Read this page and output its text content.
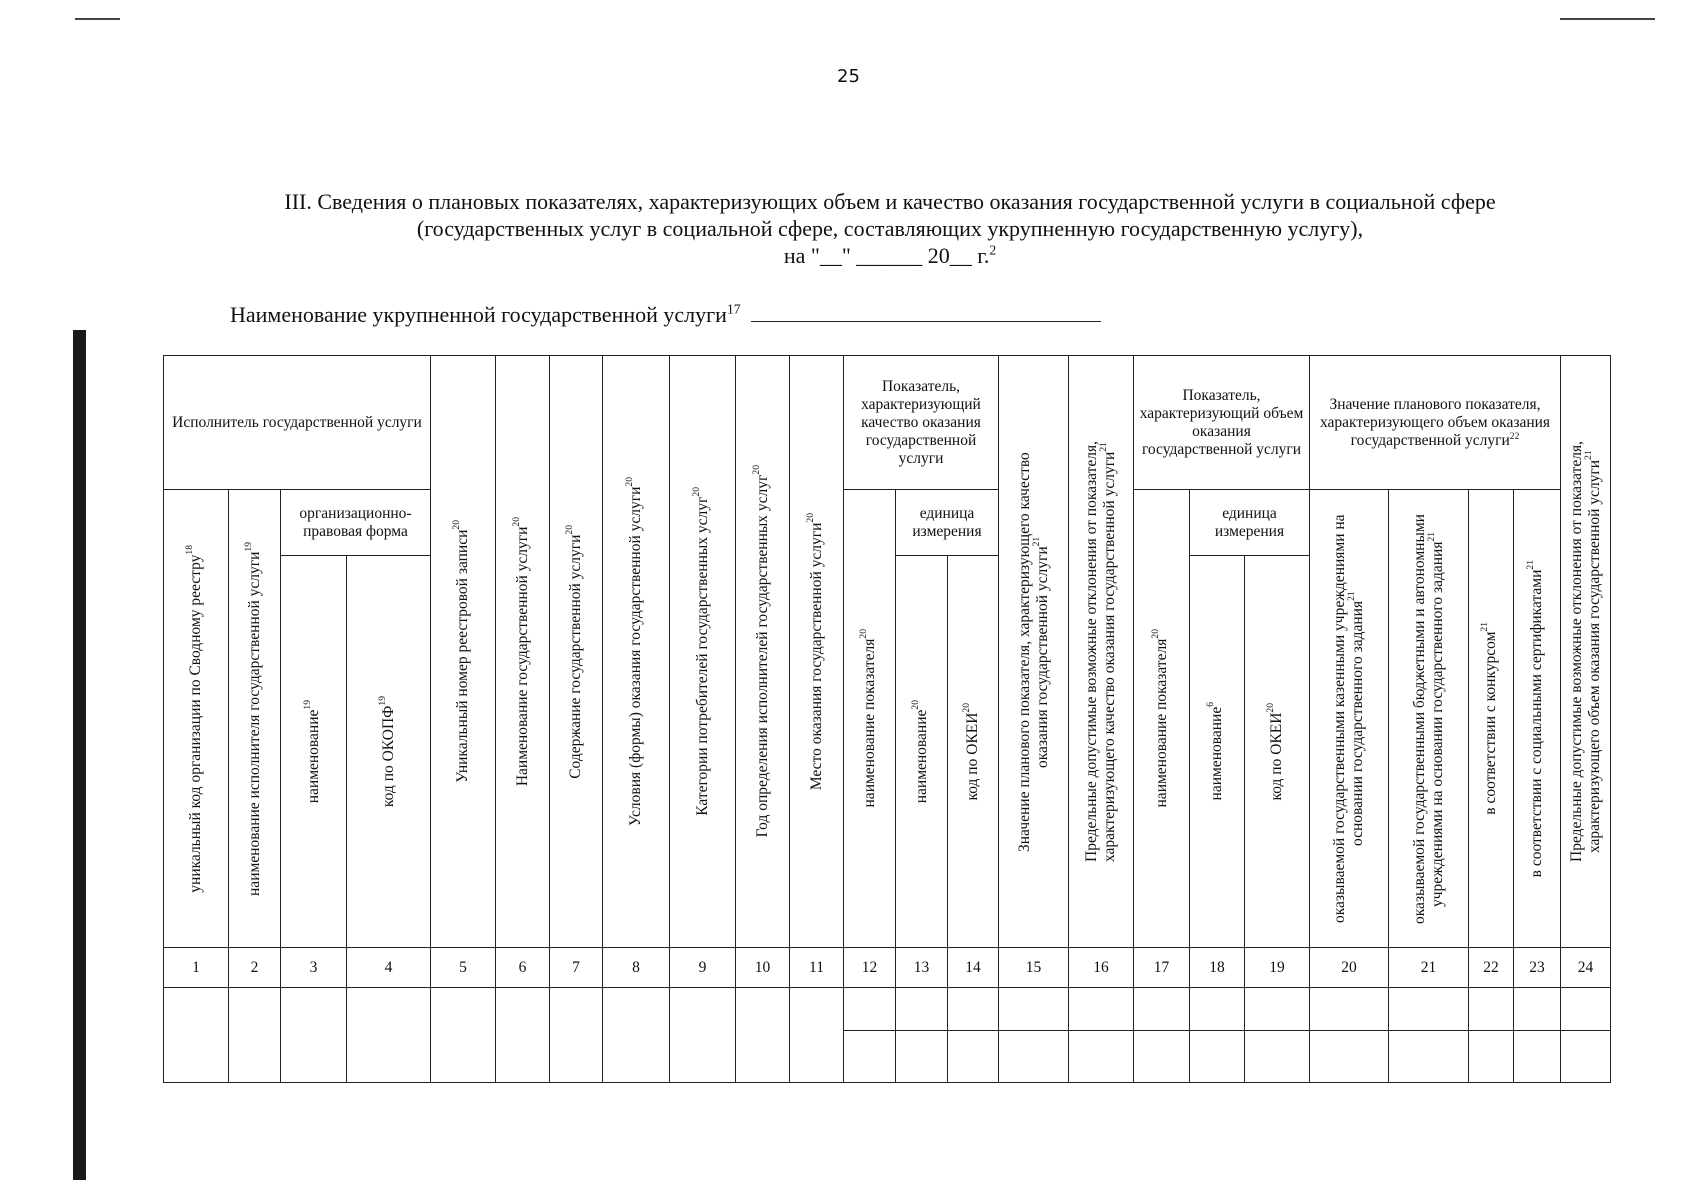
25
III. Сведения о плановых показателях, характеризующих объем и качество оказания государственной услуги в социальной сфере
(государственных услуг в социальной сфере, составляющих укрупненную государственную услугу),
на "__" ______ 20__ г.$^2$
Наименование укрупненной государственной услуги$^{17}$
Исполнитель государственной услуги				Уникальный номер реестровой записи$^{20}$	Наименование государственной услуги$^{20}$	Содержание государственной услуги$^{20}$	Условия (формы) оказания государственной услуги$^{20}$	Категории потребителей государственных услуг$^{20}$	Год определения исполнителей государственных услуг$^{20}$	Место оказания государственной услуги$^{20}$	Показатель, характеризующий качество оказания государственной услуги			Значение планового показателя, характеризующего качество оказания государственной услуги$^{21}$	Предельные допустимые возможные отклонения от показателя, характеризующего качество оказания государственной услуги$^{21}$	Показатель, характеризующий объем оказания государственной услуги			Значение планового показателя, характеризующего объем оказания государственной услуги$^{22}$				Предельные допустимые возможные отклонения от показателя, характеризующего объем оказания государственной услуги$^{21}$

уникальный код организации по Сводному реестру$^{18}$	наименование исполнителя государственной услуги$^{19}$	организационно-правовая форма									наименование показателя$^{20}$	единица измерения				наименование показателя$^{20}$	единица измерения		оказываемой государственными казенными учреждениями на основании государственного задания$^{21}$	оказываемой государственными бюджетными и автономными учреждениями на основании государственного задания$^{21}$	в соответствии с конкурсом$^{21}$	в соответствии с социальными сертификатами$^{21}$

		наименование$^{19}$	код по ОКОПФ$^{19}$									наименование$^{20}$	код по ОКЕИ$^{20}$				наименование$^6$	код по ОКЕИ$^{20}$

1	2	3	4	5	6	7	8	9	10	11	12	13	14	15	16	17	18	19	20	21	22	23	24
